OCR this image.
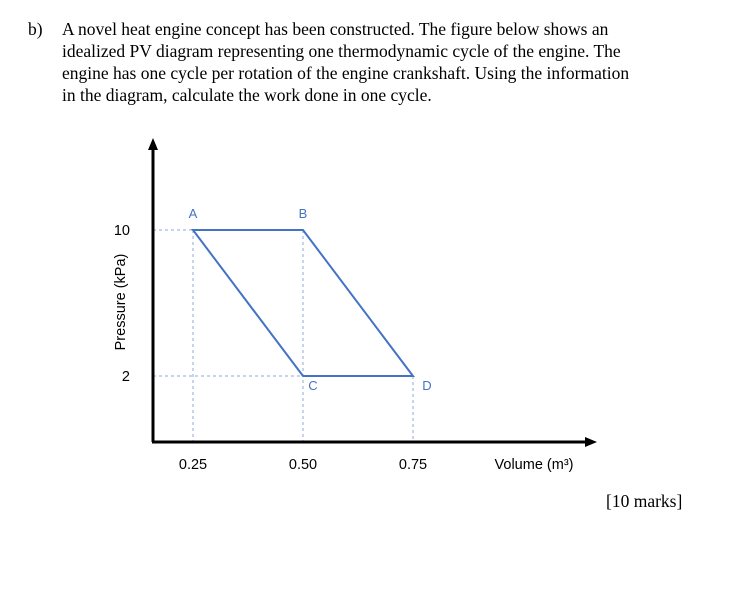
b) A novel heat engine concept has been constructed. The figure below shows an
idealized PV diagram representing one thermodynamic cycle of the engine. The
engine has one cycle per rotation of the engine crankshaft. Using the information
in the diagram, calculate the work done in one cycle.

A	B
D
C
0.25	0.50	0.75
10
2
Volume (m³)
Pressure (kPa)
[10 marks]
